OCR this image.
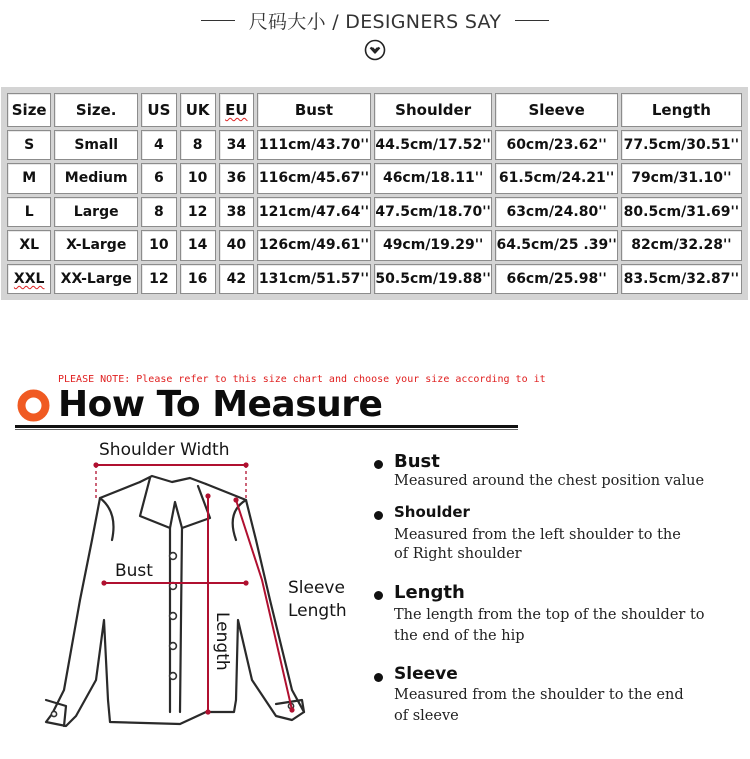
尺码大小 / DESIGNERS SAY
Size	Size.	US	UK	EU	Bust	Shoulder	Sleeve	Length
S	Small	4	8	34	111cm/43.70''	44.5cm/17.52''	60cm/23.62''	77.5cm/30.51''
M	Medium	6	10	36	116cm/45.67''	46cm/18.11''	61.5cm/24.21''	79cm/31.10''
L	Large	8	12	38	121cm/47.64''	47.5cm/18.70''	63cm/24.80''	80.5cm/31.69''
XL	X-Large	10	14	40	126cm/49.61''	49cm/19.29''	64.5cm/25 .39''	82cm/32.28''
XXL	XX-Large	12	16	42	131cm/51.57''	50.5cm/19.88''	66cm/25.98''	83.5cm/32.87''
PLEASE NOTE: Please refer to this size chart and choose your size according to it
How To Measure
Shoulder Width
Bust
Sleeve
Length
Length
Bust
Measured around the chest position value
Shoulder
Measured from the left shoulder to the
of Right shoulder
Length
The length from the top of the shoulder to
the end of the hip
Sleeve
Measured from the shoulder to the end
of sleeve
